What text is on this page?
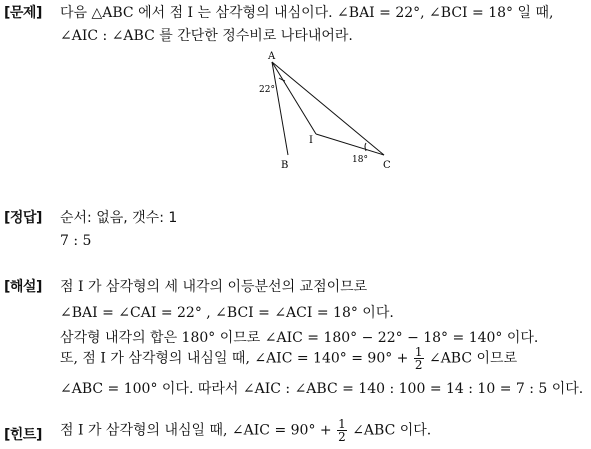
[문제] 다음 △ABC 에서 점 I 는 삼각형의 내심이다. ∠BAI = 22°, ∠BCI = 18° 일 때,
∠AIC : ∠ABC 를 간단한 정수비로 나타내어라.
A
B	C
I
22°
18°
[정답] 순서: 없음, 갯수: 1
7 : 5
[해설] 점 I 가 삼각형의 세 내각의 이등분선의 교점이므로
∠BAI = ∠CAI = 22° , ∠BCI = ∠ACI = 18° 이다.
삼각형 내각의 합은 180° 이므로 ∠AIC = 180° − 22° − 18° = 140° 이다.
또, 점 I 가 삼각형의 내심일 때, ∠AIC = $140^\circ = 90^\circ + \frac{1}{2}$ ∠ABC 이므로
∠ABC = 100° 이다. 따라서 ∠AIC : ∠ABC = 140 : 100 = 14 : 10 = 7 : 5 이다.
[힌트] 점 I 가 삼각형의 내심일 때, ∠AIC = $90^\circ + \frac{1}{2}$ ∠ABC 이다.
